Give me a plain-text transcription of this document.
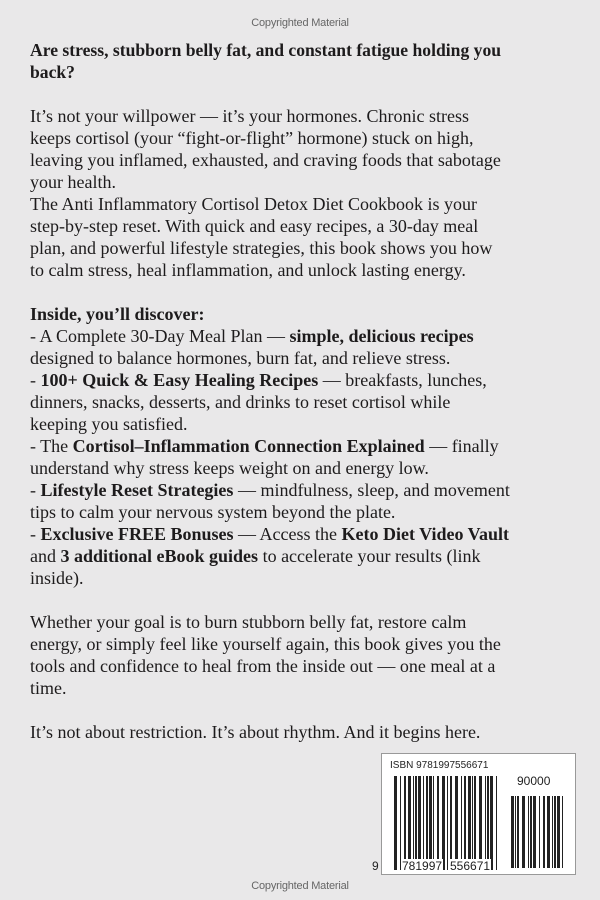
Copyrighted Material
Are stress, stubborn belly fat, and constant fatigue holding you
back?
It’s not your willpower — it’s your hormones. Chronic stress
keeps cortisol (your “fight-or-flight” hormone) stuck on high,
leaving you inflamed, exhausted, and craving foods that sabotage
your health.
The Anti Inflammatory Cortisol Detox Diet Cookbook is your
step-by-step reset. With quick and easy recipes, a 30-day meal
plan, and powerful lifestyle strategies, this book shows you how
to calm stress, heal inflammation, and unlock lasting energy.
Inside, you’ll discover:
- A Complete 30-Day Meal Plan — simple, delicious recipes
designed to balance hormones, burn fat, and relieve stress.
- 100+ Quick & Easy Healing Recipes — breakfasts, lunches,
dinners, snacks, desserts, and drinks to reset cortisol while
keeping you satisfied.
- The Cortisol–Inflammation Connection Explained — finally
understand why stress keeps weight on and energy low.
- Lifestyle Reset Strategies — mindfulness, sleep, and movement
tips to calm your nervous system beyond the plate.
- Exclusive FREE Bonuses — Access the Keto Diet Video Vault
and 3 additional eBook guides to accelerate your results (link
inside).
Whether your goal is to burn stubborn belly fat, restore calm
energy, or simply feel like yourself again, this book gives you the
tools and confidence to heal from the inside out — one meal at a
time.
It’s not about restriction. It’s about rhythm. And it begins here.
ISBN 9781997556671
90000
9 781997 556671
Copyrighted Material
